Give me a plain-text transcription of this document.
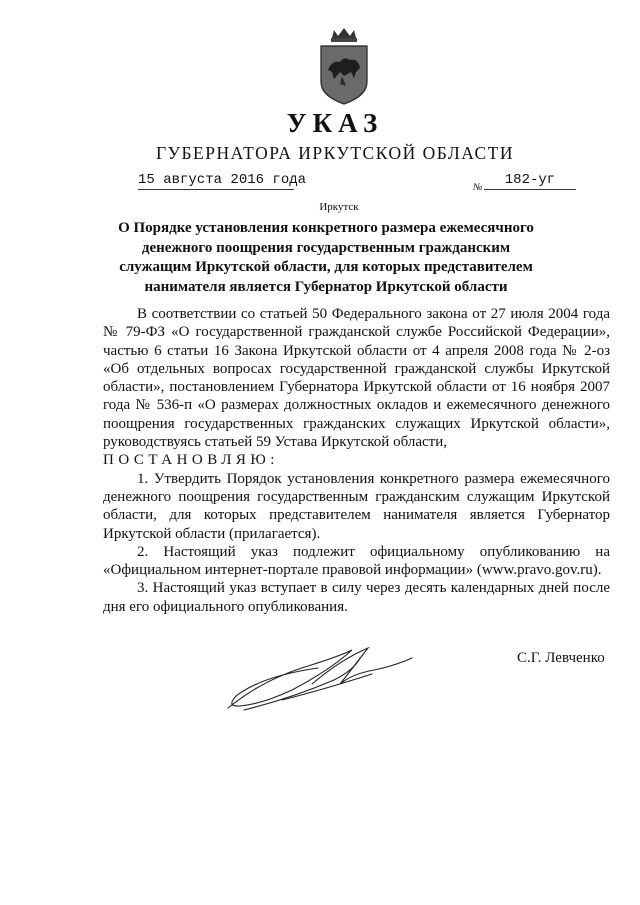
УКАЗ
ГУБЕРНАТОРА ИРКУТСКОЙ ОБЛАСТИ
15 августа 2016 года	№	182-уг
Иркутск
О Порядке установления конкретного размера ежемесячного денежного поощрения государственным гражданским служащим Иркутской области, для которых представителем нанимателя является Губернатор Иркутской области

В соответствии со статьей 50 Федерального закона от 27 июля 2004 года № 79-ФЗ «О государственной гражданской службе Российской Федерации», частью 6 статьи 16 Закона Иркутской области от 4 апреля 2008 года № 2-оз «Об отдельных вопросах государственной гражданской службы Иркутской области», постановлением Губернатора Иркутской области от 16 ноября 2007 года № 536-п «О размерах должностных окладов и ежемесячного денежного поощрения государственных гражданских служащих Иркутской области», руководствуясь статьей 59 Устава Иркутской области,

ПОСТАНОВЛЯЮ:

1. Утвердить Порядок установления конкретного размера ежемесячного денежного поощрения государственным гражданским служащим Иркутской области, для которых представителем нанимателя является Губернатор Иркутской области (прилагается).

2. Настоящий указ подлежит официальному опубликованию на «Официальном интернет-портале правовой информации» (www.pravo.gov.ru).

3. Настоящий указ вступает в силу через десять календарных дней после дня его официального опубликования.

С.Г. Левченко
